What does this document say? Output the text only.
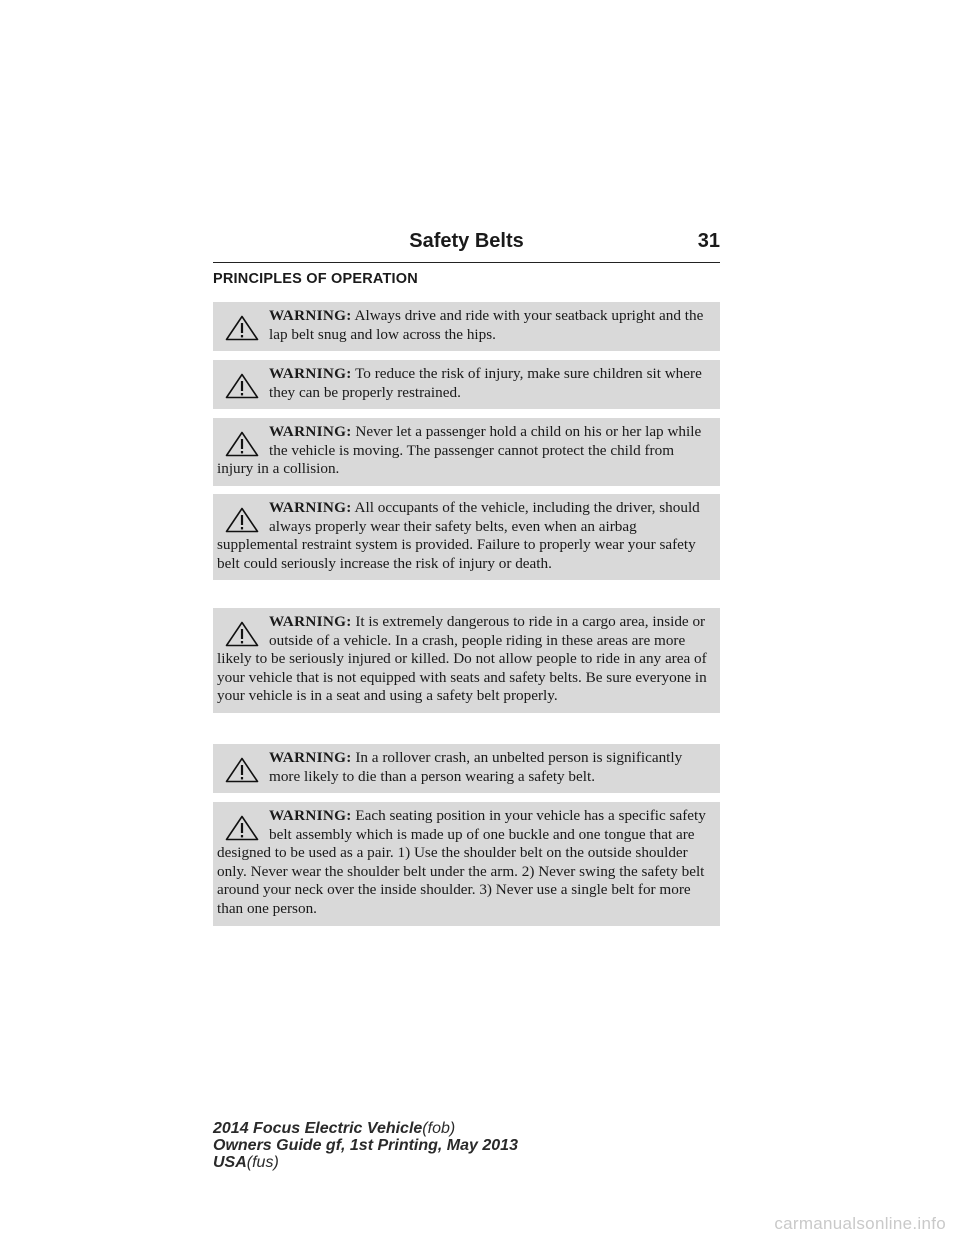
Safety Belts	31
PRINCIPLES OF OPERATION
WARNING: Always drive and ride with your seatback upright and the lap belt snug and low across the hips.
WARNING: To reduce the risk of injury, make sure children sit where they can be properly restrained.
WARNING: Never let a passenger hold a child on his or her lap while the vehicle is moving. The passenger cannot protect the child from injury in a collision.
WARNING: All occupants of the vehicle, including the driver, should always properly wear their safety belts, even when an airbag supplemental restraint system is provided. Failure to properly wear your safety belt could seriously increase the risk of injury or death.
WARNING: It is extremely dangerous to ride in a cargo area, inside or outside of a vehicle. In a crash, people riding in these areas are more likely to be seriously injured or killed. Do not allow people to ride in any area of your vehicle that is not equipped with seats and safety belts. Be sure everyone in your vehicle is in a seat and using a safety belt properly.
WARNING: In a rollover crash, an unbelted person is significantly more likely to die than a person wearing a safety belt.
WARNING: Each seating position in your vehicle has a specific safety belt assembly which is made up of one buckle and one tongue that are designed to be used as a pair. 1) Use the shoulder belt on the outside shoulder only. Never wear the shoulder belt under the arm. 2) Never swing the safety belt around your neck over the inside shoulder. 3) Never use a single belt for more than one person.
2014 Focus Electric Vehicle(fob)
Owners Guide gf, 1st Printing, May 2013
USA(fus)
carmanualsonline.info
